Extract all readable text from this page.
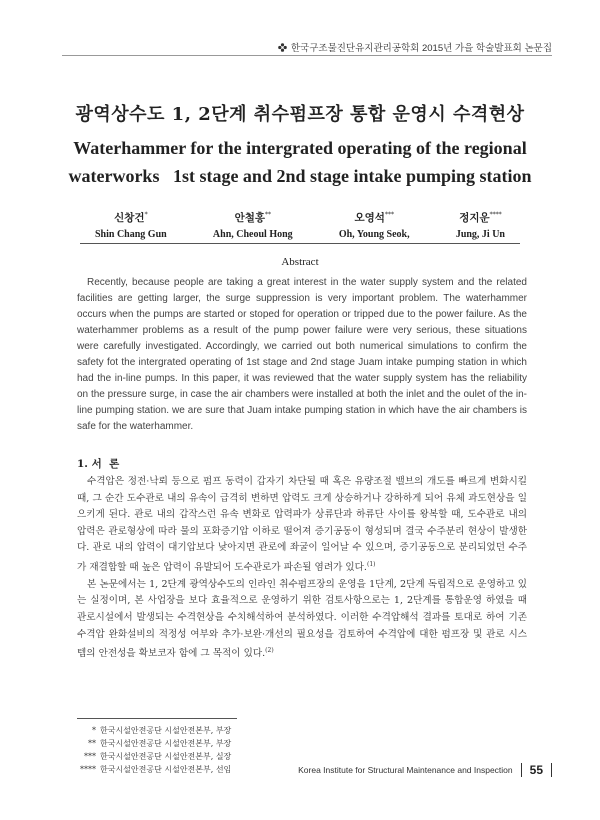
한국구조물진단유지관리공학회 2015년 가을 학술발표회 논문집
광역상수도 1, 2단계 취수펌프장 통합 운영시 수격현상
Waterhammer for the intergrated operating of the regional
waterworks   1st stage and 2nd stage intake pumping station
신창건*
Shin Chang Gun
안철홍**
Ahn, Cheoul Hong
오영석***
Oh, Young Seok,
정지운****
Jung, Ji Un
Abstract
Recently, because people are taking a great interest in the water supply system and the related facilities are getting larger, the surge suppression is very important problem. The waterhammer occurs when the pumps are started or stoped for operation or tripped due to the power failure. As the waterhammer problems as a result of the pump power failure were very serious, these situations were carefully investigated. Accordingly, we carried out both numerical simulations to confirm the safety fot the intergrated operating of 1st stage and 2nd stage Juam intake pumping station in which had the in-line pumps. In this paper, it was reviewed that the water supply system has the reliability on the pressure surge, in case the air chambers were installed at both the inlet and the oulet of the in-line pumping station. we are sure that Juam intake pumping station in which have the air chambers is safe for the waterhammer.
1. 서  론

수격압은 정전·낙뢰 등으로 펌프 동력이 갑자기 차단될 때 혹은 유량조절 밸브의 개도를 빠르게 변화시킬 때, 그 순간 도수관로 내의 유속이 급격히 변하면 압력도 크게 상승하거나 강하하게 되어 유체 과도현상을 일으키게 된다. 관로 내의 갑작스런 유속 변화로 압력파가 상류단과 하류단 사이를 왕복할 때, 도수관로 내의 압력은 관로형상에 따라 물의 포화증기압 이하로 떨어져 증기공동이 형성되며 결국 수주분리 현상이 발생한다. 관로 내의 압력이 대기압보다 낮아지면 관로에 좌굴이 일어날 수 있으며, 증기공동으로 분리되었던 수주가 재결합할 때 높은 압력이 유발되어 도수관로가 파손될 염려가 있다.$^{(1)}$

본 논문에서는 1, 2단계 광역상수도의 인라인 취수펌프장의 운영을 1단계, 2단계 독립적으로 운영하고 있는 실정이며, 본 사업장을 보다 효율적으로 운영하기 위한 검토사항으로는 1, 2단계를 통합운영 하였을 때 관로시설에서 발생되는 수격현상을 수치해석하여 분석하였다. 이러한 수격압해석 결과를 토대로 하여 기존 수격압 완화설비의 적정성 여부와 추가·보완·개선의 필요성을 검토하여 수격압에 대한 펌프장 및 관로 시스템의 안전성을 확보코자 함에 그 목적이 있다.$^{(2)}$

* 한국시설안전공단 시설안전본부, 부장
** 한국시설안전공단 시설안전본부, 부장
*** 한국시설안전공단 시설안전본부, 실장
**** 한국시설안전공단 시설안전본부, 선임	Korea Institute for Structural Maintenance and Inspection 55
